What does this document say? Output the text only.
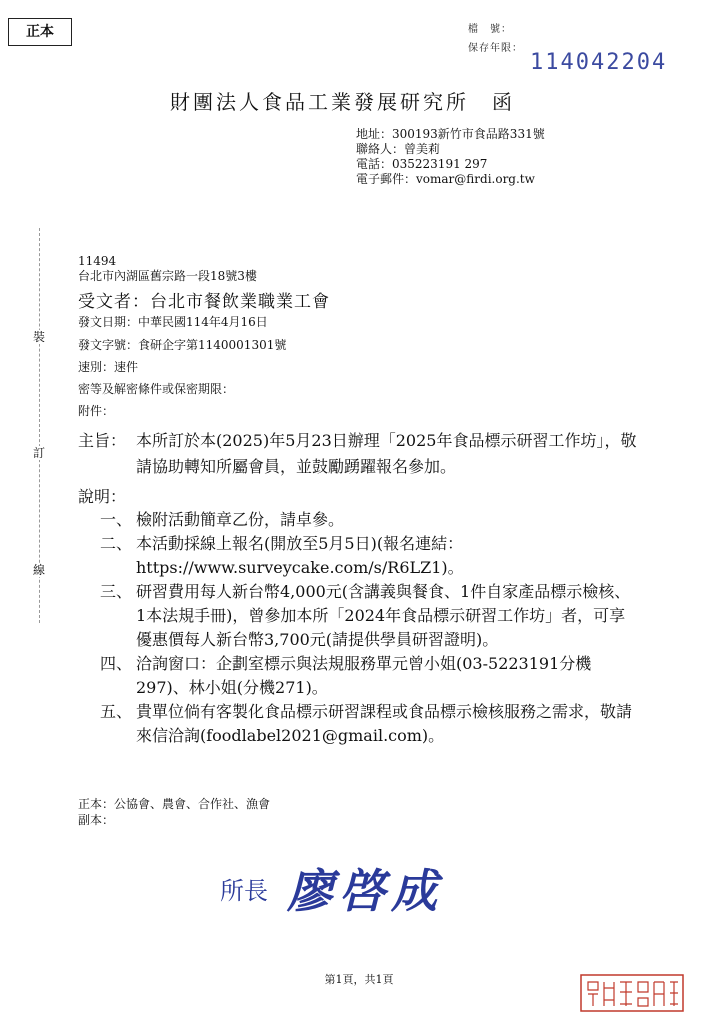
正本	檔　號：
保存年限：
114042204
財團法人食品工業發展研究所　函
地址：300193新竹市食品路331號
聯絡人：曾美莉
電話：035223191 297
電子郵件：vomar@firdi.org.tw
裝
訂
線
11494
台北市內湖區舊宗路一段18號3樓
受文者：台北市餐飲業職業工會
發文日期：中華民國114年4月16日
發文字號：食研企字第1140001301號
速別：速件
密等及解密條件或保密期限：
附件：
主旨： 本所訂於本(2025)年5月23日辦理「2025年食品標示研習工作坊」，敬請協助轉知所屬會員，並鼓勵踴躍報名參加。
說明：
一、 檢附活動簡章乙份，請卓參。
二、 本活動採線上報名(開放至5月5日)(報名連結：https://www.surveycake.com/s/R6LZ1)。
三、 研習費用每人新台幣4,000元(含講義與餐食、1件自家產品標示檢核、1本法規手冊)，曾參加本所「2024年食品標示研習工作坊」者，可享優惠價每人新台幣3,700元(請提供學員研習證明)。
四、 洽詢窗口：企劃室標示與法規服務單元曾小姐(03-5223191分機297)、林小姐(分機271)。
五、 貴單位倘有客製化食品標示研習課程或食品標示檢核服務之需求，敬請來信洽詢(foodlabel2021@gmail.com)。
正本：公協會、農會、合作社、漁會
副本：
所長 廖啓成
第1頁，共1頁
